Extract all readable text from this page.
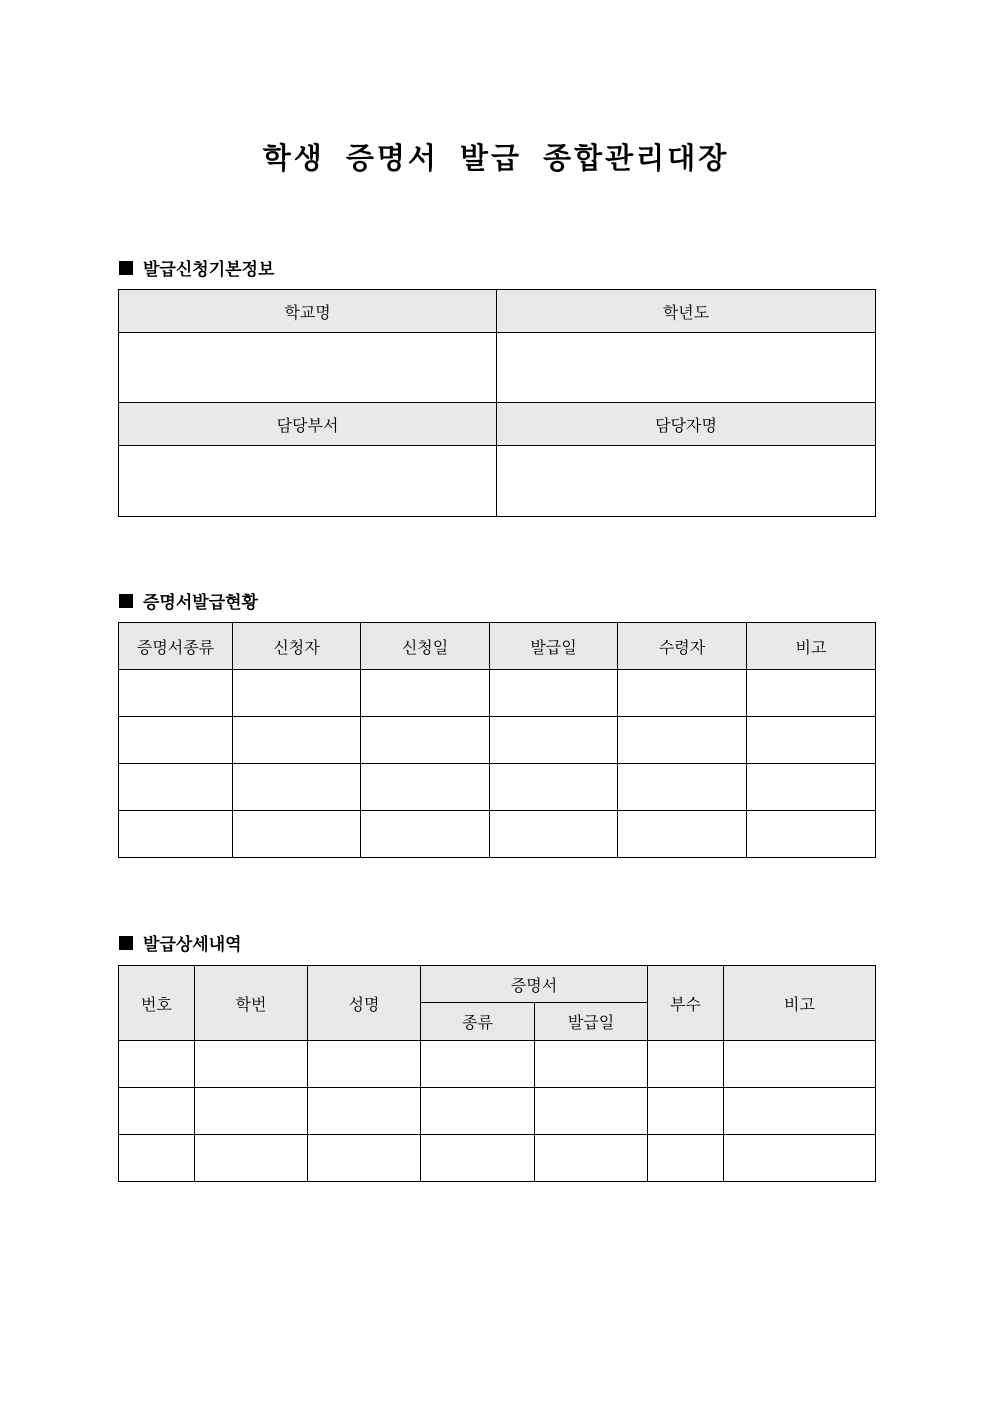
학생 증명서 발급 종합관리대장
발급신청기본정보
학교명	학년도

담당부서	담당자명

증명서발급현황
증명서종류	신청자	신청일	발급일	수령자	비고

발급상세내역
번호	학번	성명	증명서		부수	비고
			종류	발급일		
